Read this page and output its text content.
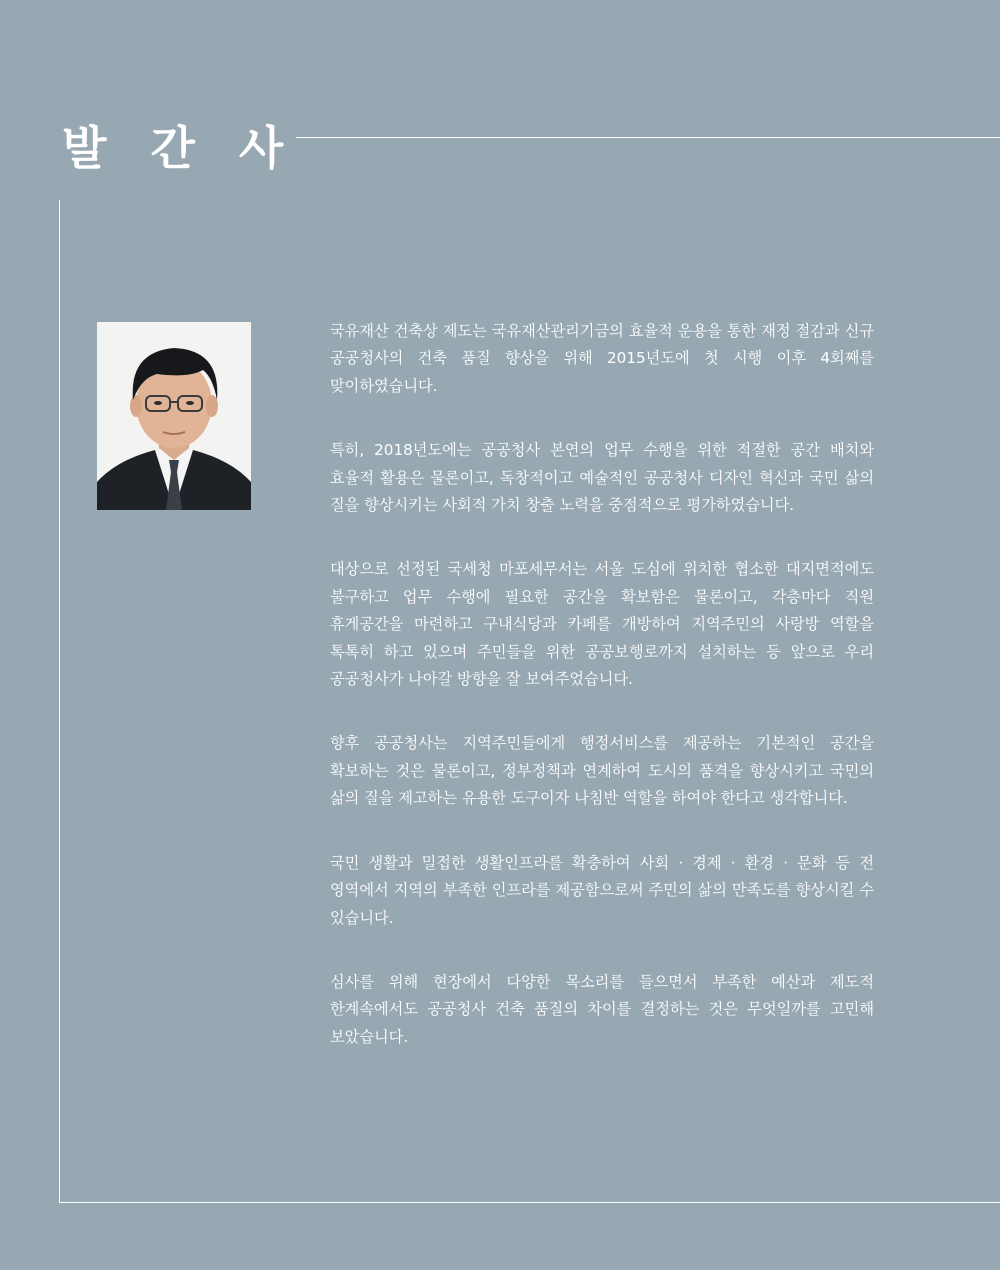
발 간 사

국유재산 건축상 제도는 국유재산관리기금의 효율적 운용을 통한 재정 절감과 신규 공공청사의 건축 품질 향상을 위해 2015년도에 첫 시행 이후 4회째를 맞이하였습니다.

특히, 2018년도에는 공공청사 본연의 업무 수행을 위한 적절한 공간 배치와 효율적 활용은 물론이고, 독창적이고 예술적인 공공청사 디자인 혁신과 국민 삶의 질을 향상시키는 사회적 가치 창출 노력을 중점적으로 평가하였습니다.

대상으로 선정된 국세청 마포세무서는 서울 도심에 위치한 협소한 대지면적에도 불구하고 업무 수행에 필요한 공간을 확보함은 물론이고, 각층마다 직원 휴게공간을 마련하고 구내식당과 카페를 개방하여 지역주민의 사랑방 역할을 톡톡히 하고 있으며 주민들을 위한 공공보행로까지 설치하는 등 앞으로 우리 공공청사가 나아갈 방향을 잘 보여주었습니다.

향후 공공청사는 지역주민들에게 행정서비스를 제공하는 기본적인 공간을 확보하는 것은 물론이고, 정부정책과 연계하여 도시의 품격을 향상시키고 국민의 삶의 질을 제고하는 유용한 도구이자 나침반 역할을 하여야 한다고 생각합니다.

국민 생활과 밀접한 생활인프라를 확충하여 사회 · 경제 · 환경 · 문화 등 전 영역에서 지역의 부족한 인프라를 제공함으로써 주민의 삶의 만족도를 향상시킬 수 있습니다.

심사를 위해 현장에서 다양한 목소리를 들으면서 부족한 예산과 제도적 한계속에서도 공공청사 건축 품질의 차이를 결정하는 것은 무엇일까를 고민해 보았습니다.
